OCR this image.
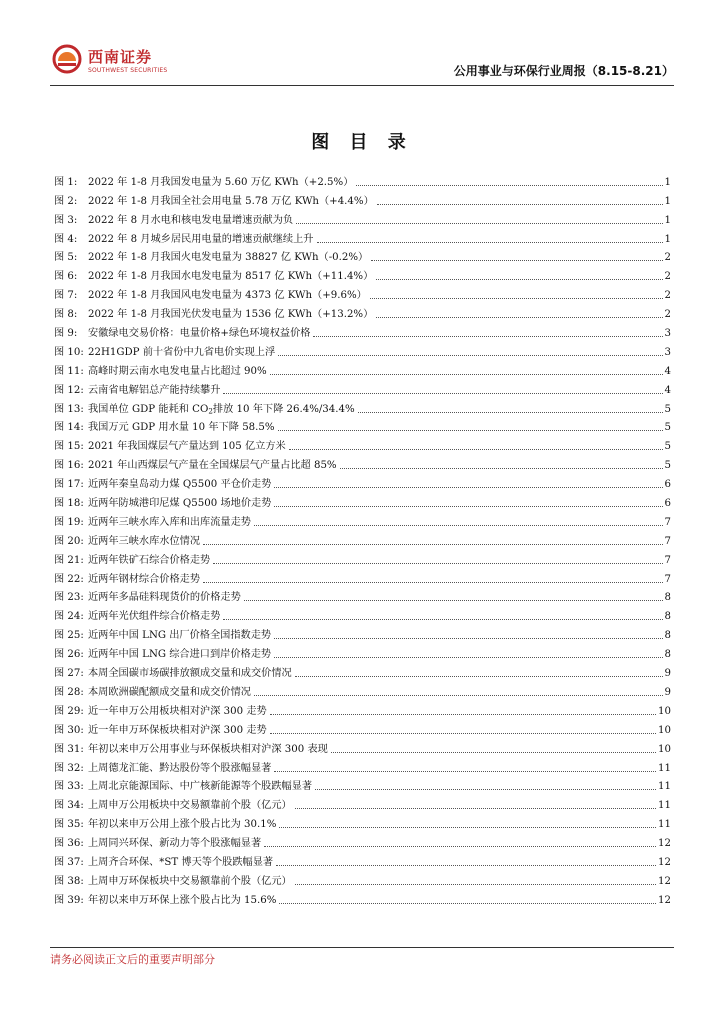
西南证券
SOUTHWEST SECURITIES	公用事业与环保行业周报（8.15-8.21）
图 目 录
图 1:	2022 年 1-8 月我国发电量为 5.60 万亿 KWh（+2.5%）	1
图 2:	2022 年 1-8 月我国全社会用电量 5.78 万亿 KWh（+4.4%）	1
图 3:	2022 年 8 月水电和核电发电量增速贡献为负	1
图 4:	2022 年 8 月城乡居民用电量的增速贡献继续上升	1
图 5:	2022 年 1-8 月我国火电发电量为 38827 亿 KWh（-0.2%）	2
图 6:	2022 年 1-8 月我国水电发电量为 8517 亿 KWh（+11.4%）	2
图 7:	2022 年 1-8 月我国风电发电量为 4373 亿 KWh（+9.6%）	2
图 8:	2022 年 1-8 月我国光伏发电量为 1536 亿 KWh（+13.2%）	2
图 9:	安徽绿电交易价格：电量价格+绿色环境权益价格	3
图 10: 22H1GDP 前十省份中九省电价实现上浮	3
图 11: 高峰时期云南水电发电量占比超过 90%	4
图 12: 云南省电解铝总产能持续攀升	4
图 13: 我国单位 GDP 能耗和 $CO_2$排放 10 年下降 26.4%/34.4%	5
图 14: 我国万元 GDP 用水量 10 年下降 58.5%	5
图 15: 2021 年我国煤层气产量达到 105 亿立方米	5
图 16: 2021 年山西煤层气产量在全国煤层气产量占比超 85%	5
图 17: 近两年秦皇岛动力煤 Q5500 平仓价走势	6
图 18: 近两年防城港印尼煤 Q5500 场地价走势	6
图 19: 近两年三峡水库入库和出库流量走势	7
图 20: 近两年三峡水库水位情况	7
图 21: 近两年铁矿石综合价格走势	7
图 22: 近两年钢材综合价格走势	7
图 23: 近两年多晶硅料现货价的价格走势	8
图 24: 近两年光伏组件综合价格走势	8
图 25: 近两年中国 LNG 出厂价格全国指数走势	8
图 26: 近两年中国 LNG 综合进口到岸价格走势	8
图 27: 本周全国碳市场碳排放额成交量和成交价情况	9
图 28: 本周欧洲碳配额成交量和成交价情况	9
图 29: 近一年申万公用板块相对沪深 300 走势	10
图 30: 近一年申万环保板块相对沪深 300 走势	10
图 31: 年初以来申万公用事业与环保板块相对沪深 300 表现	10
图 32: 上周德龙汇能、黔达股份等个股涨幅显著	11
图 33: 上周北京能源国际、中广核新能源等个股跌幅显著	11
图 34: 上周申万公用板块中交易额靠前个股（亿元）	11
图 35: 年初以来申万公用上涨个股占比为 30.1%	11
图 36: 上周同兴环保、新动力等个股涨幅显著	12
图 37: 上周齐合环保、*ST 博天等个股跌幅显著	12
图 38: 上周申万环保板块中交易额靠前个股（亿元）	12
图 39: 年初以来申万环保上涨个股占比为 15.6%	12
请务必阅读正文后的重要声明部分
